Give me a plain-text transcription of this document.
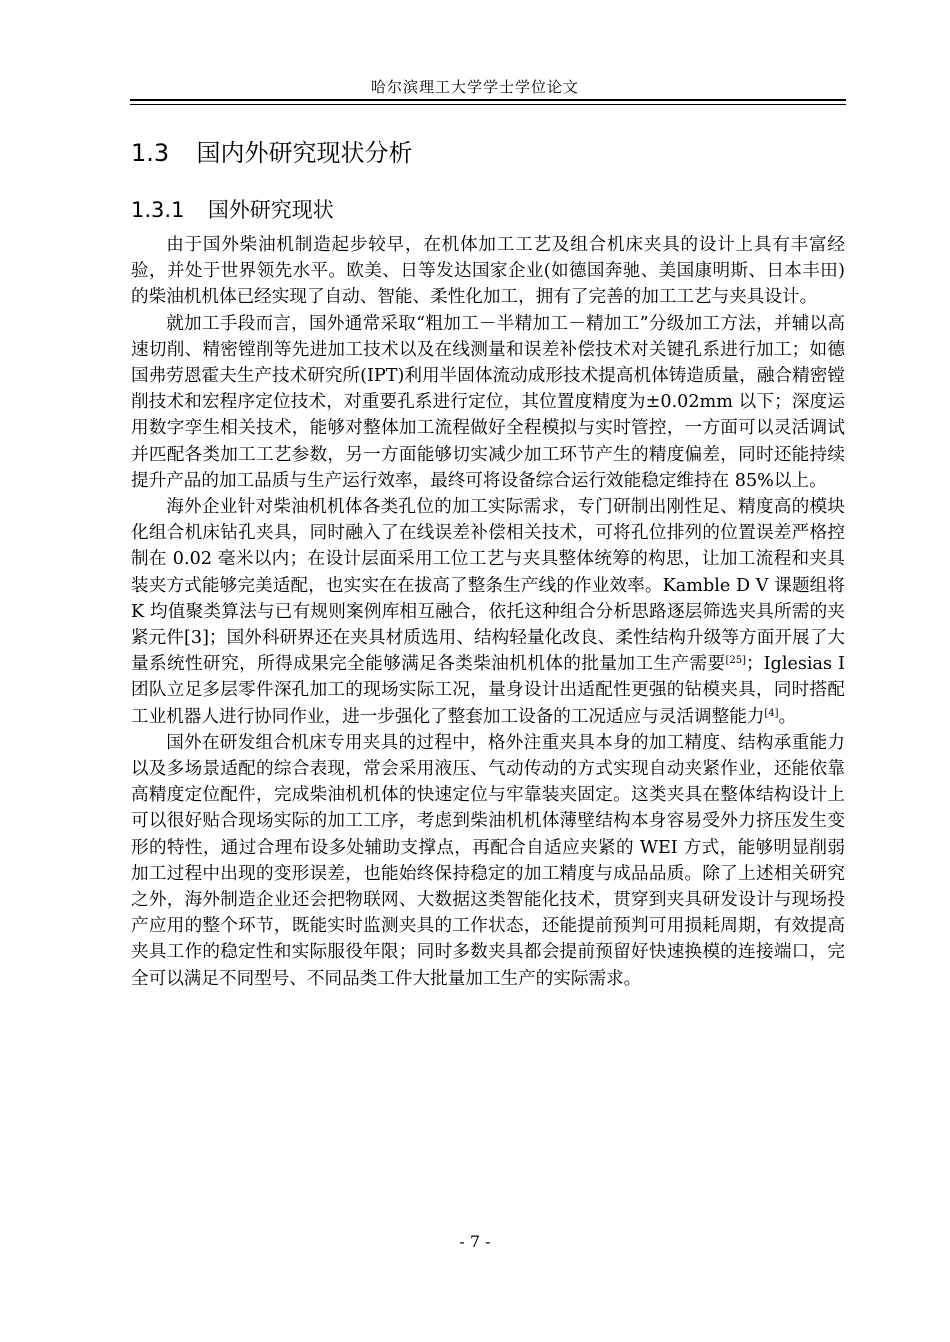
哈尔滨理工大学学士学位论文
1.3 国内外研究现状分析
1.3.1 国外研究现状

由于国外柴油机制造起步较早，在机体加工工艺及组合机床夹具的设计上具有丰富经验，并处于世界领先水平。欧美、日等发达国家企业(如德国奔驰、美国康明斯、日本丰田) 的柴油机机体已经实现了自动、智能、柔性化加工，拥有了完善的加工工艺与夹具设计。

就加工手段而言，国外通常采取“粗加工－半精加工－精加工”分级加工方法，并辅以高速切削、精密镗削等先进加工技术以及在线测量和误差补偿技术对关键孔系进行加工；如德国弗劳恩霍夫生产技术研究所(IPT)利用半固体流动成形技术提高机体铸造质量，融合精密镗削技术和宏程序定位技术，对重要孔系进行定位，其位置度精度为±0.02mm 以下；深度运用数字孪生相关技术，能够对整体加工流程做好全程模拟与实时管控，一方面可以灵活调试并匹配各类加工工艺参数，另一方面能够切实减少加工环节产生的精度偏差，同时还能持续提升产品的加工品质与生产运行效率，最终可将设备综合运行效能稳定维持在 85%以上。

海外企业针对柴油机机体各类孔位的加工实际需求，专门研制出刚性足、精度高的模块化组合机床钻孔夹具，同时融入了在线误差补偿相关技术，可将孔位排列的位置误差严格控制在 0.02 毫米以内；在设计层面采用工位工艺与夹具整体统筹的构思，让加工流程和夹具装夹方式能够完美适配，也实实在在拔高了整条生产线的作业效率。Kamble D V 课题组将 K 均值聚类算法与已有规则案例库相互融合，依托这种组合分析思路逐层筛选夹具所需的夹紧元件[3]；国外科研界还在夹具材质选用、结构轻量化改良、柔性结构升级等方面开展了大量系统性研究，所得成果完全能够满足各类柴油机机体的批量加工生产需要[25]；Iglesias I 团队立足多层零件深孔加工的现场实际工况，量身设计出适配性更强的钻模夹具，同时搭配工业机器人进行协同作业，进一步强化了整套加工设备的工况适应与灵活调整能力[4]。

国外在研发组合机床专用夹具的过程中，格外注重夹具本身的加工精度、结构承重能力以及多场景适配的综合表现，常会采用液压、气动传动的方式实现自动夹紧作业，还能依靠高精度定位配件，完成柴油机机体的快速定位与牢靠装夹固定。这类夹具在整体结构设计上可以很好贴合现场实际的加工工序，考虑到柴油机机体薄壁结构本身容易受外力挤压发生变形的特性，通过合理布设多处辅助支撑点，再配合自适应夹紧的 WEI 方式，能够明显削弱加工过程中出现的变形误差，也能始终保持稳定的加工精度与成品品质。除了上述相关研究之外，海外制造企业还会把物联网、大数据这类智能化技术，贯穿到夹具研发设计与现场投产应用的整个环节，既能实时监测夹具的工作状态，还能提前预判可用损耗周期，有效提高夹具工作的稳定性和实际服役年限；同时多数夹具都会提前预留好快速换模的连接端口，完全可以满足不同型号、不同品类工件大批量加工生产的实际需求。

- 7 -
